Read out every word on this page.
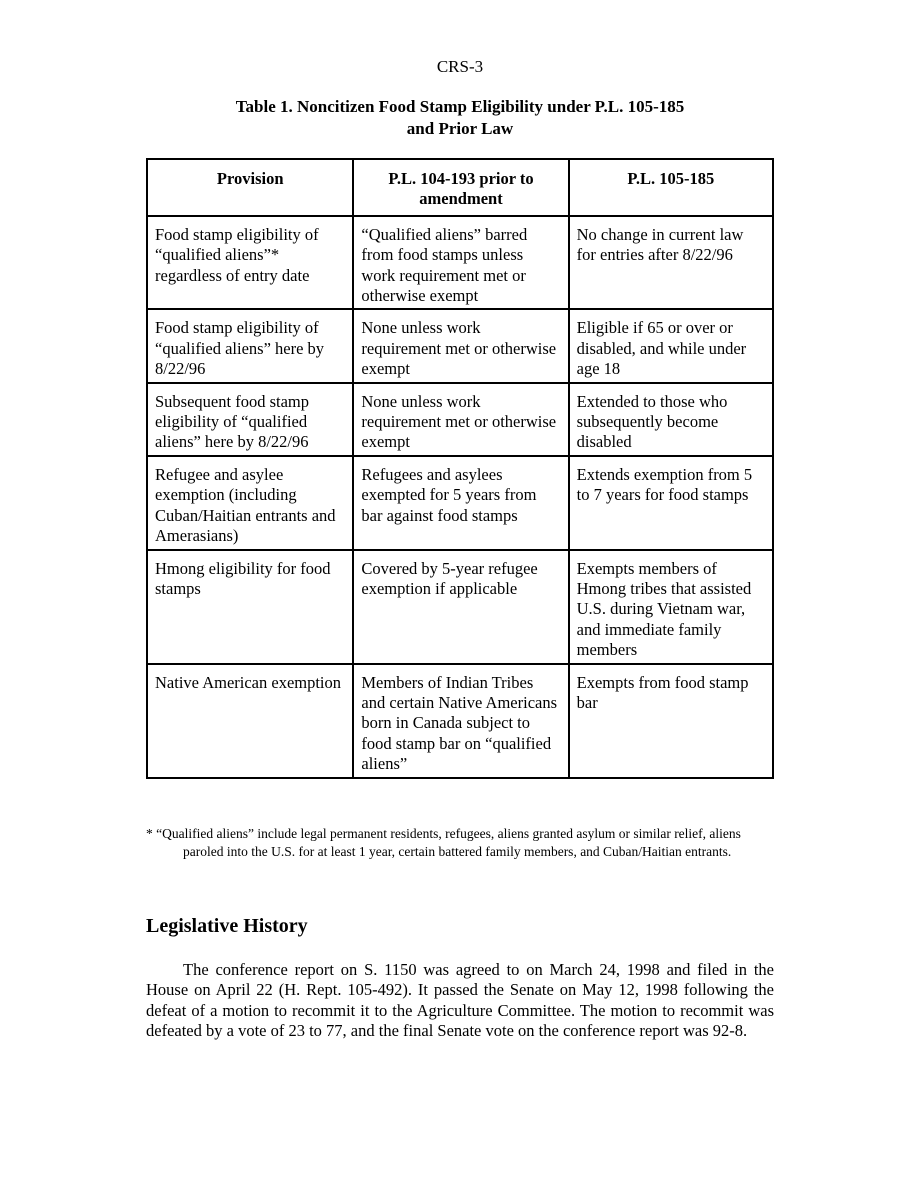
CRS-3
Table 1. Noncitizen Food Stamp Eligibility under P.L. 105-185
and Prior Law
Provision	P.L. 104-193 prior to amendment	P.L. 105-185
Food stamp eligibility of “qualified aliens”* regardless of entry date	“Qualified aliens” barred from food stamps unless work requirement met or otherwise exempt	No change in current law for entries after 8/22/96
Food stamp eligibility of “qualified aliens” here by 8/22/96	None unless work requirement met or otherwise exempt	Eligible if 65 or over or disabled, and while under age 18
Subsequent food stamp eligibility of “qualified aliens” here by 8/22/96	None unless work requirement met or otherwise exempt	Extended to those who subsequently become disabled
Refugee and asylee exemption (including Cuban/Haitian entrants and Amerasians)	Refugees and asylees exempted for 5 years from bar against food stamps	Extends exemption from 5 to 7 years for food stamps
Hmong eligibility for food stamps	Covered by 5-year refugee exemption if applicable	Exempts members of Hmong tribes that assisted U.S. during Vietnam war, and immediate family members
Native American exemption	Members of Indian Tribes and certain Native Americans born in Canada subject to food stamp bar on “qualified aliens”	Exempts from food stamp bar
* “Qualified aliens” include legal permanent residents, refugees, aliens granted asylum or similar relief, aliens paroled into the U.S. for at least 1 year, certain battered family members, and Cuban/Haitian entrants.
Legislative History

The conference report on S. 1150 was agreed to on March 24, 1998 and filed in the House on April 22 (H. Rept. 105-492). It passed the Senate on May 12, 1998 following the defeat of a motion to recommit it to the Agriculture Committee. The motion to recommit was defeated by a vote of 23 to 77, and the final Senate vote on the conference report was 92-8.
